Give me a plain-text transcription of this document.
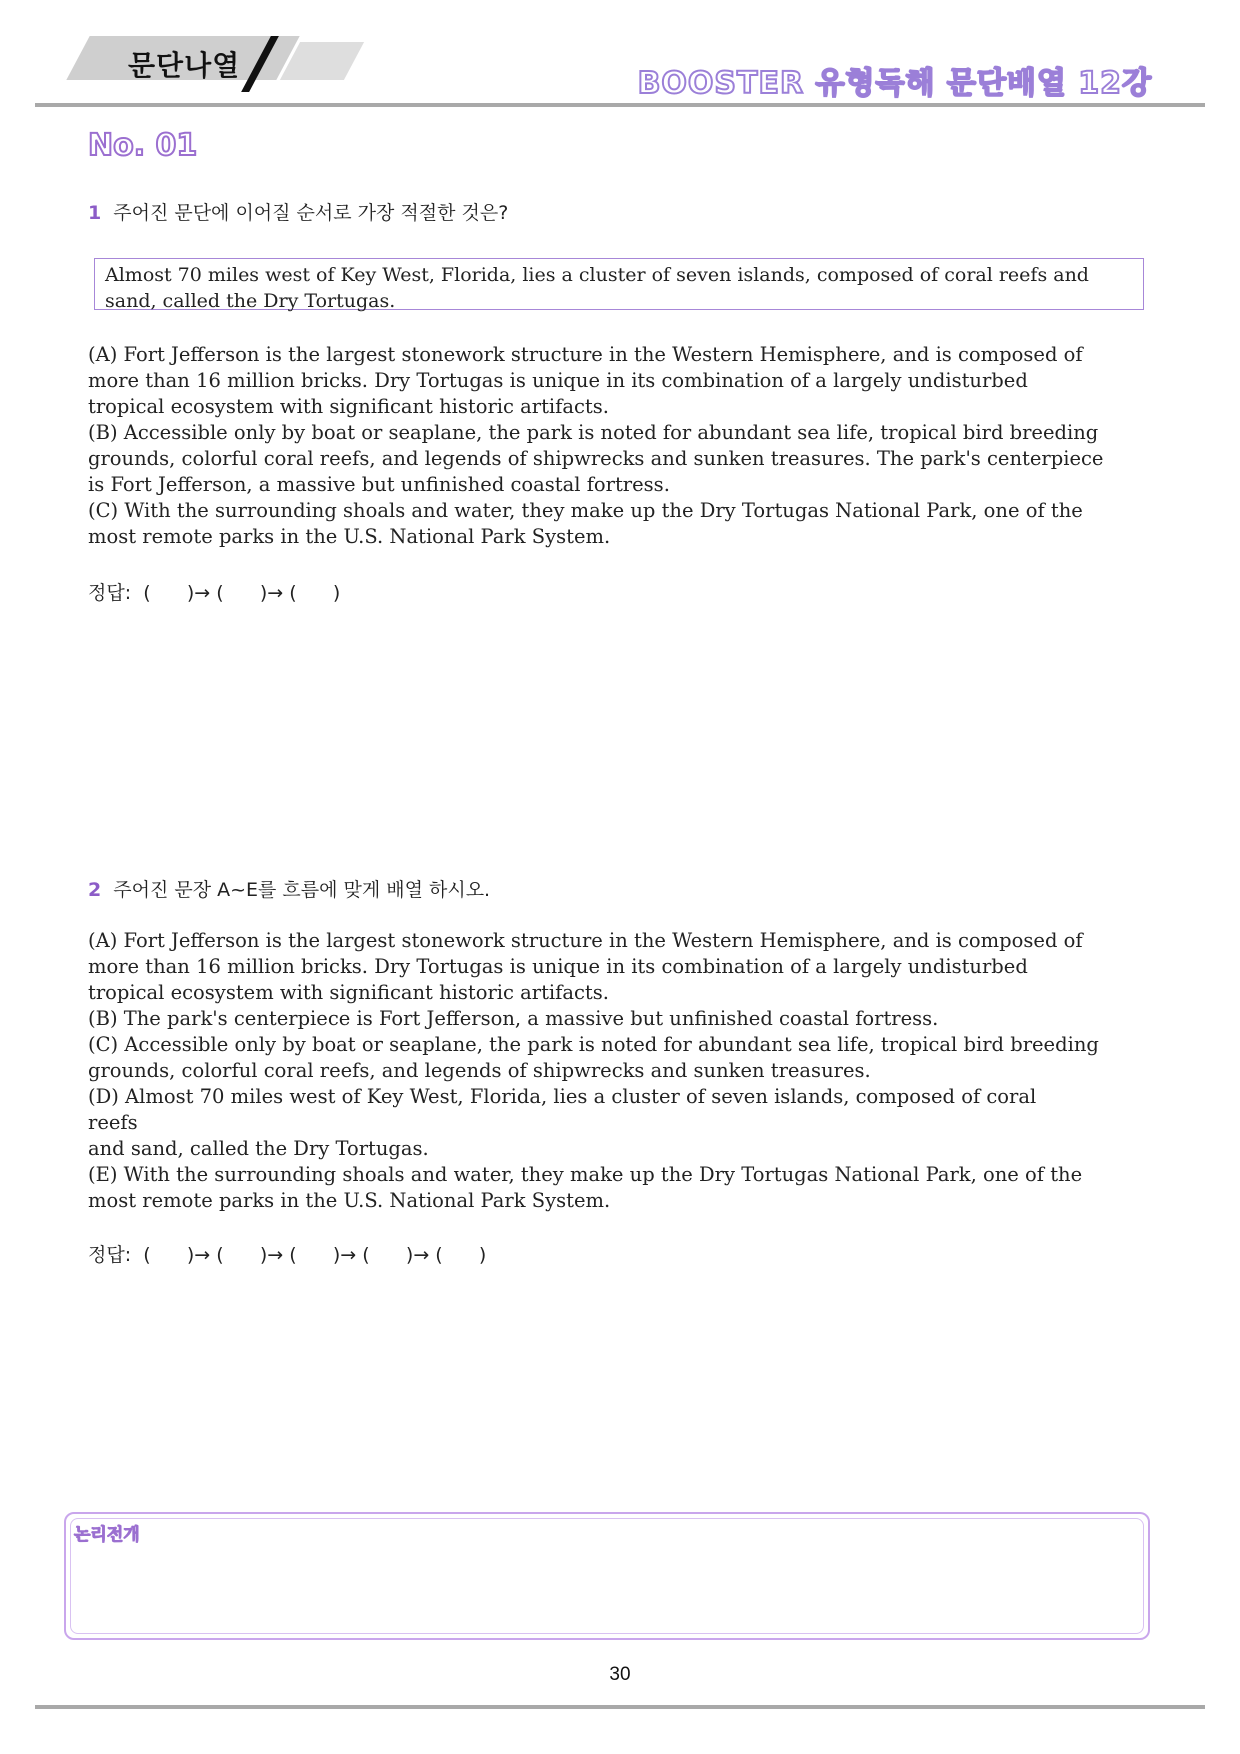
문단나열
BOOSTER 유형독해 문단배열 12강
No. 01
1 주어진 문단에 이어질 순서로 가장 적절한 것은?
Almost 70 miles west of Key West, Florida, lies a cluster of seven islands, composed of coral reefs and sand, called the Dry Tortugas.

(A) Fort Jefferson is the largest stonework structure in the Western Hemisphere, and is composed of

more than 16 million bricks. Dry Tortugas is unique in its combination of a largely undisturbed

tropical ecosystem with significant historic artifacts.

(B) Accessible only by boat or seaplane, the park is noted for abundant sea life, tropical bird breeding

grounds, colorful coral reefs, and legends of shipwrecks and sunken treasures. The park's centerpiece

is Fort Jefferson, a massive but unfinished coastal fortress.

(C) With the surrounding shoals and water, they make up the Dry Tortugas National Park, one of the

most remote parks in the U.S. National Park System.

정답:  (      )→ (      )→ (      )
2 주어진 문장 A~E를 흐름에 맞게 배열 하시오.

(A) Fort Jefferson is the largest stonework structure in the Western Hemisphere, and is composed of

more than 16 million bricks. Dry Tortugas is unique in its combination of a largely undisturbed

tropical ecosystem with significant historic artifacts.

(B) The park's centerpiece is Fort Jefferson, a massive but unfinished coastal fortress.

(C) Accessible only by boat or seaplane, the park is noted for abundant sea life, tropical bird breeding

grounds, colorful coral reefs, and legends of shipwrecks and sunken treasures.

(D) Almost 70 miles west of Key West, Florida, lies a cluster of seven islands, composed of coral

reefs

and sand, called the Dry Tortugas.

(E) With the surrounding shoals and water, they make up the Dry Tortugas National Park, one of the

most remote parks in the U.S. National Park System.

정답:  (      )→ (      )→ (      )→ (      )→ (      )
논리전개
30
